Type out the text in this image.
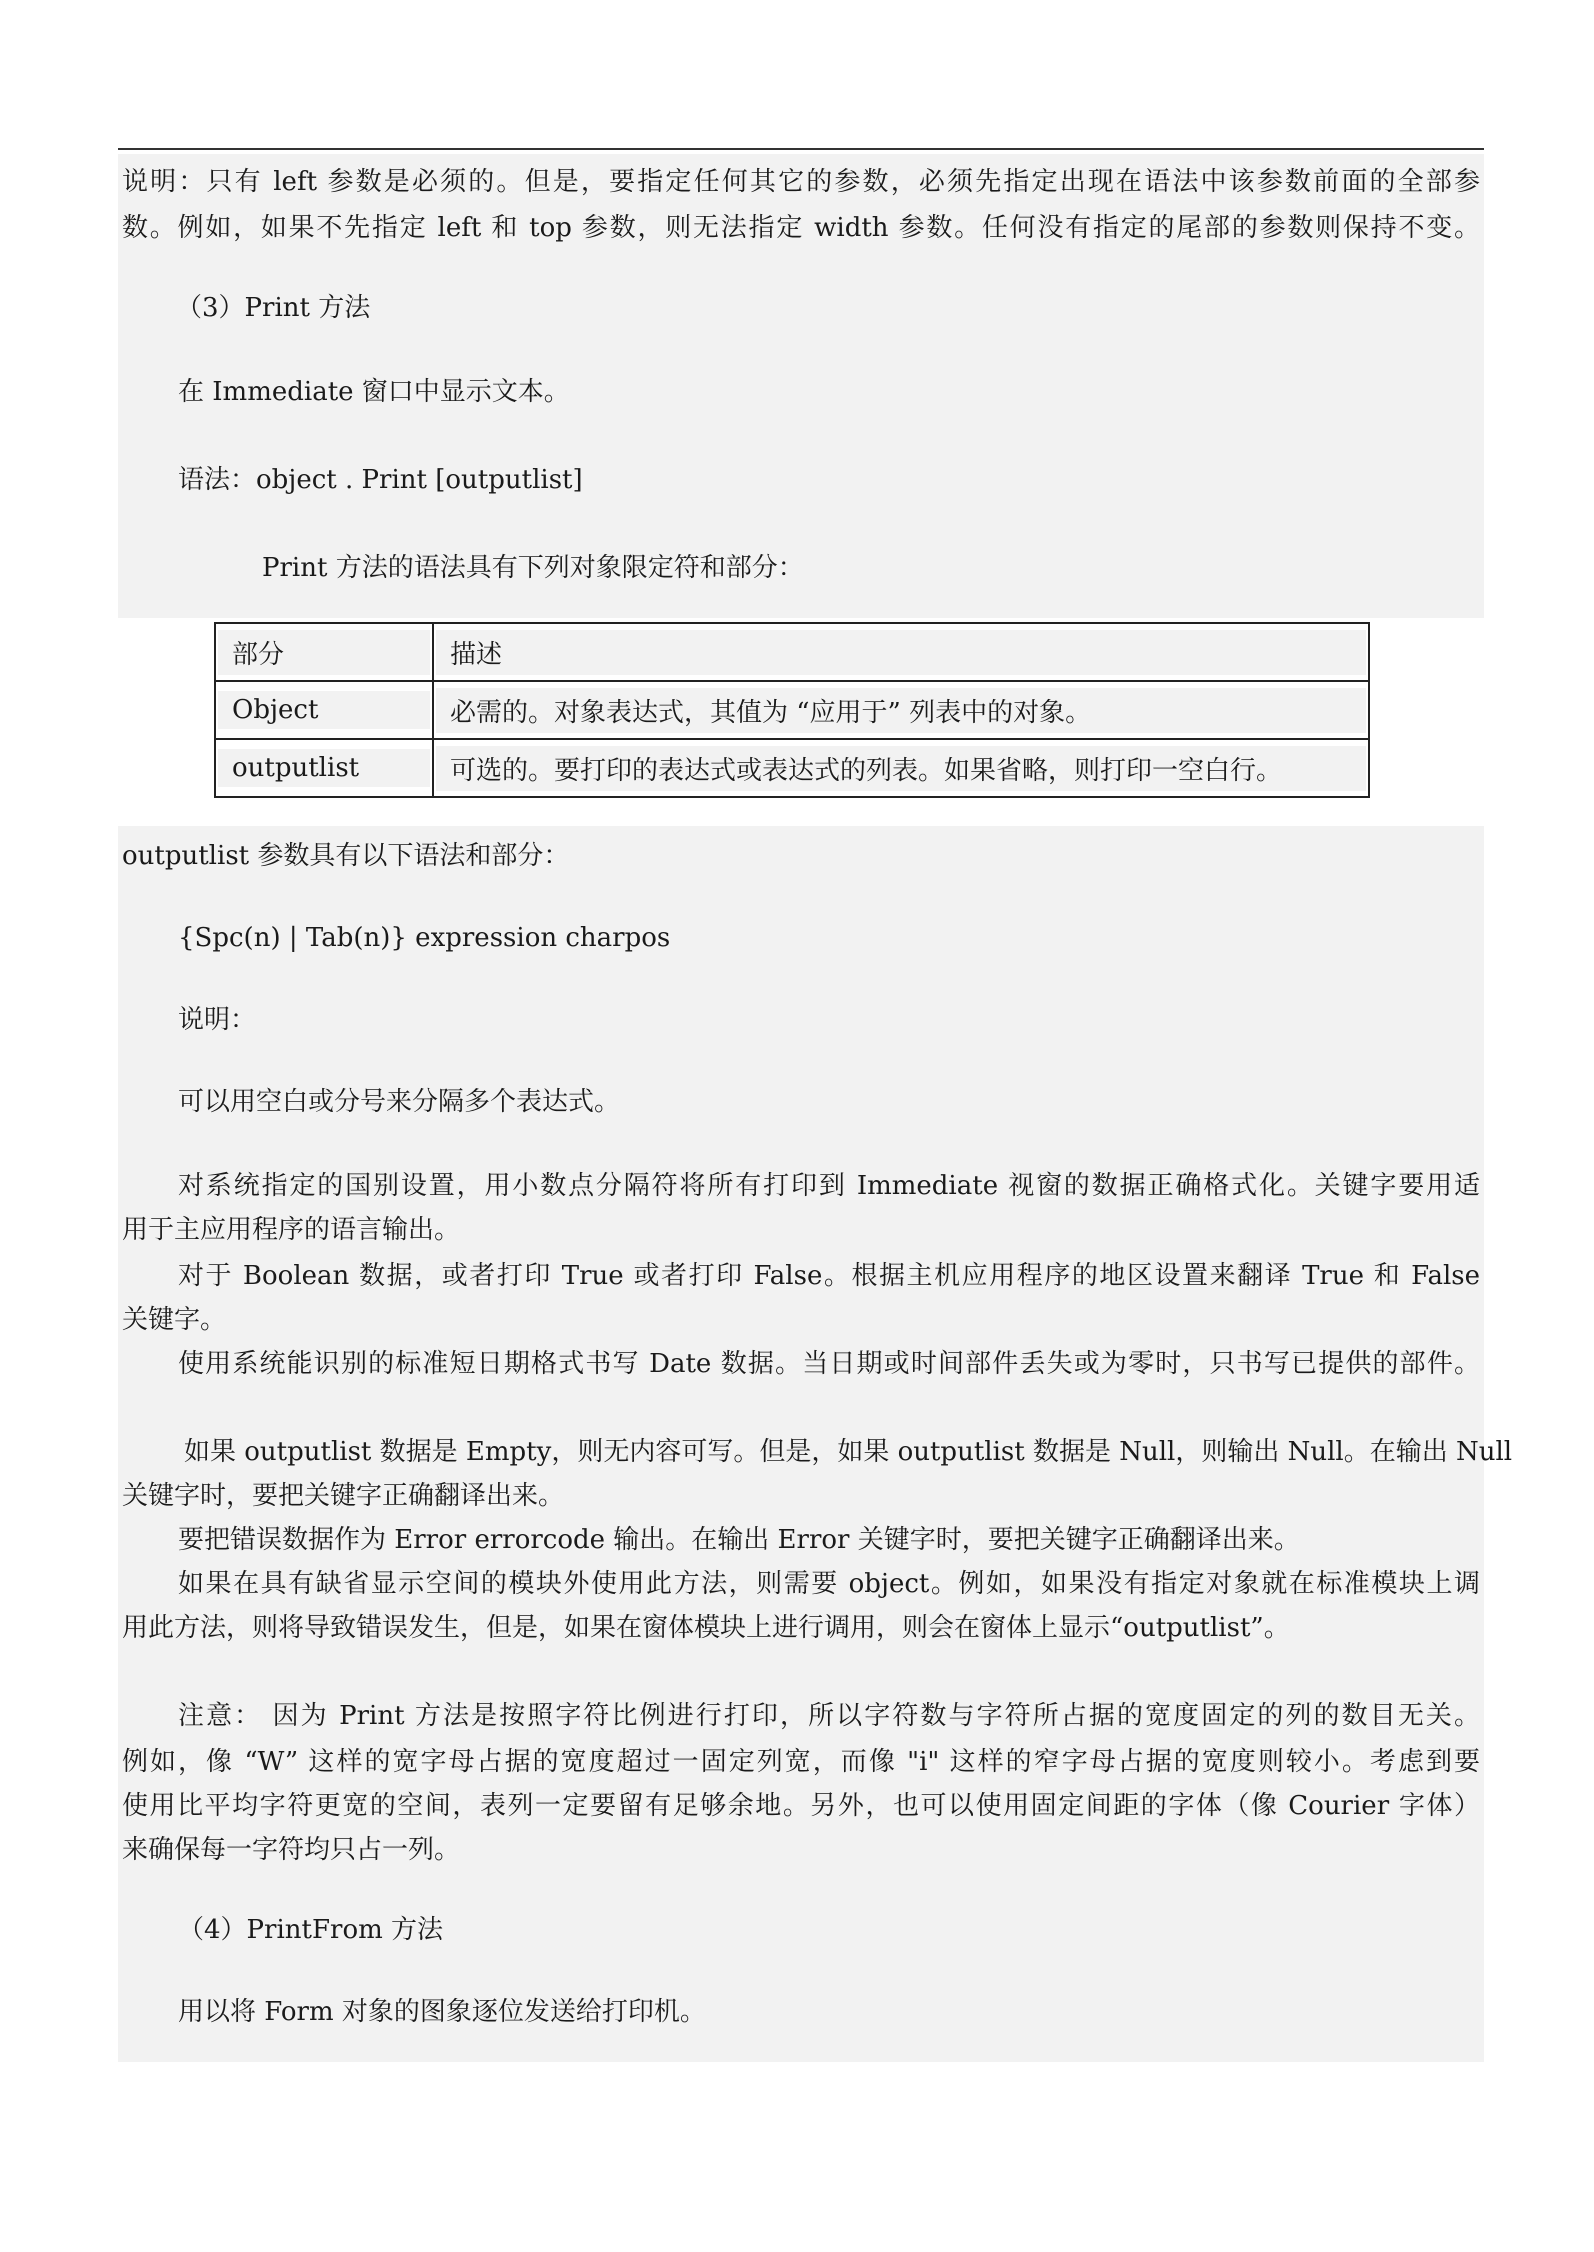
说明：只有 left 参数是必须的。但是，要指定任何其它的参数，必须先指定出现在语法中该参数前面的全部参
数。例如，如果不先指定 left 和 top 参数，则无法指定 width 参数。任何没有指定的尾部的参数则保持不变。
（3）Print 方法
在 Immediate 窗口中显示文本。
语法：object . Print [outputlist]
Print 方法的语法具有下列对象限定符和部分：
部分	描述

Object	必需的。对象表达式，其值为 “应用于” 列表中的对象。

outputlist	可选的。要打印的表达式或表达式的列表。如果省略，则打印一空白行。
outputlist 参数具有以下语法和部分：
{Spc(n) | Tab(n)} expression charpos
说明：
可以用空白或分号来分隔多个表达式。
对系统指定的国别设置，用小数点分隔符将所有打印到 Immediate 视窗的数据正确格式化。关键字要用适
用于主应用程序的语言输出。
对于 Boolean 数据，或者打印 True 或者打印 False。根据主机应用程序的地区设置来翻译 True 和 False
关键字。
使用系统能识别的标准短日期格式书写 Date 数据。当日期或时间部件丢失或为零时，只书写已提供的部件。
如果 outputlist 数据是 Empty，则无内容可写。但是，如果 outputlist 数据是 Null，则输出 Null。在输出 Null
关键字时，要把关键字正确翻译出来。
要把错误数据作为 Error errorcode 输出。在输出 Error 关键字时，要把关键字正确翻译出来。
如果在具有缺省显示空间的模块外使用此方法，则需要 object。例如，如果没有指定对象就在标准模块上调
用此方法，则将导致错误发生，但是，如果在窗体模块上进行调用，则会在窗体上显示“outputlist”。
注意： 因为 Print 方法是按照字符比例进行打印，所以字符数与字符所占据的宽度固定的列的数目无关。
例如，像 “W” 这样的宽字母占据的宽度超过一固定列宽，而像 "i" 这样的窄字母占据的宽度则较小。考虑到要
使用比平均字符更宽的空间，表列一定要留有足够余地。另外，也可以使用固定间距的字体（像 Courier 字体）
来确保每一字符均只占一列。
（4）PrintFrom 方法
用以将 Form 对象的图象逐位发送给打印机。
